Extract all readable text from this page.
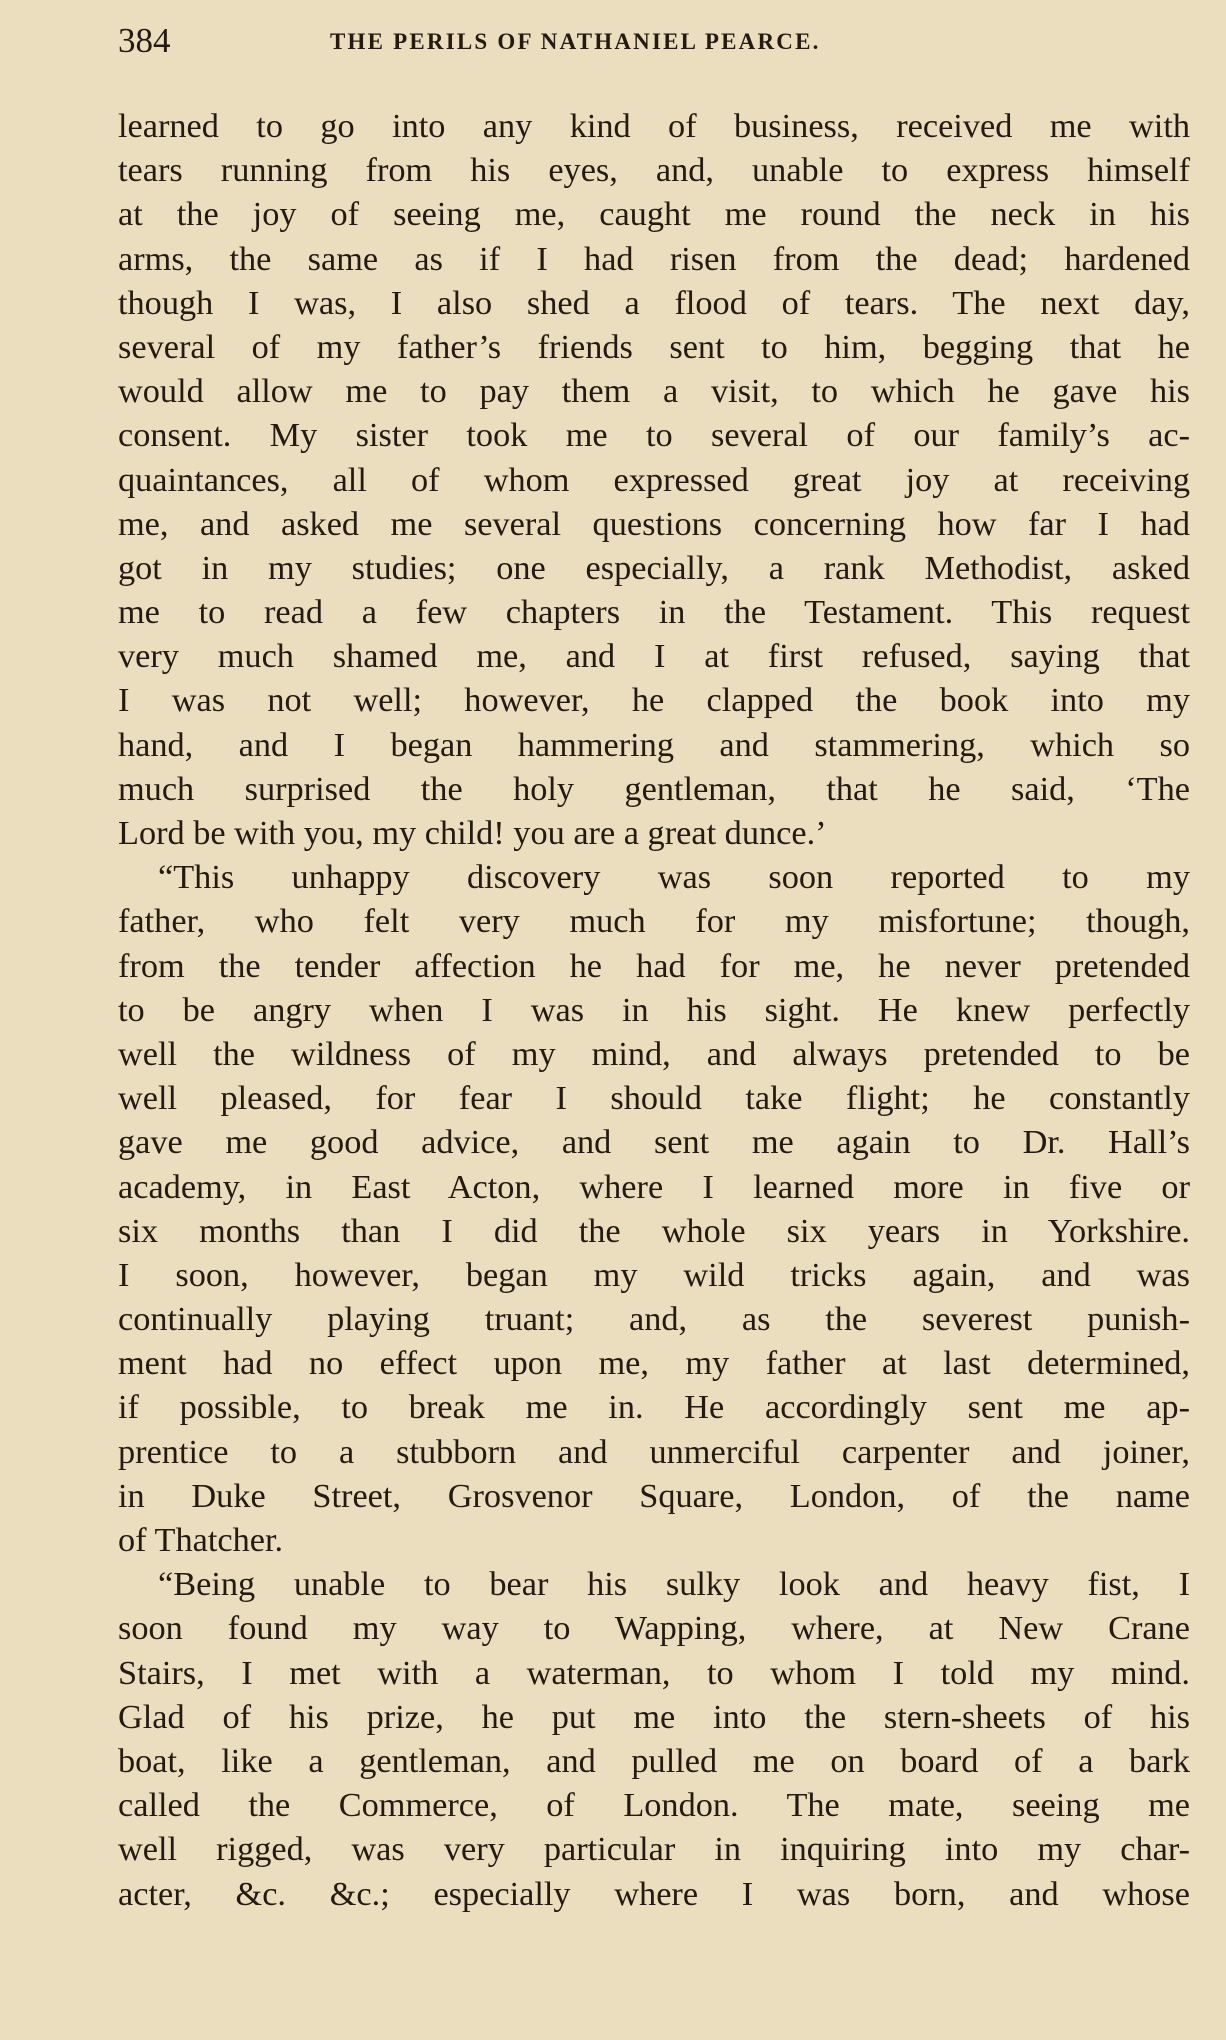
384	THE PERILS OF NATHANIEL PEARCE.
learned to go into any kind of business, received me with
tears running from his eyes, and, unable to express himself
at the joy of seeing me, caught me round the neck in his
arms, the same as if I had risen from the dead; hardened
though I was, I also shed a flood of tears. The next day,
several of my father’s friends sent to him, begging that he
would allow me to pay them a visit, to which he gave his
consent. My sister took me to several of our family’s ac-
quaintances, all of whom expressed great joy at receiving
me, and asked me several questions concerning how far I had
got in my studies; one especially, a rank Methodist, asked
me to read a few chapters in the Testament. This request
very much shamed me, and I at first refused, saying that
I was not well; however, he clapped the book into my
hand, and I began hammering and stammering, which so
much surprised the holy gentleman, that he said, ‘The
Lord be with you, my child! you are a great dunce.’
“This unhappy discovery was soon reported to my
father, who felt very much for my misfortune; though,
from the tender affection he had for me, he never pretended
to be angry when I was in his sight. He knew perfectly
well the wildness of my mind, and always pretended to be
well pleased, for fear I should take flight; he constantly
gave me good advice, and sent me again to Dr. Hall’s
academy, in East Acton, where I learned more in five or
six months than I did the whole six years in Yorkshire.
I soon, however, began my wild tricks again, and was
continually playing truant; and, as the severest punish-
ment had no effect upon me, my father at last determined,
if possible, to break me in. He accordingly sent me ap-
prentice to a stubborn and unmerciful carpenter and joiner,
in Duke Street, Grosvenor Square, London, of the name
of Thatcher.
“Being unable to bear his sulky look and heavy fist, I
soon found my way to Wapping, where, at New Crane
Stairs, I met with a waterman, to whom I told my mind.
Glad of his prize, he put me into the stern-sheets of his
boat, like a gentleman, and pulled me on board of a bark
called the Commerce, of London. The mate, seeing me
well rigged, was very particular in inquiring into my char-
acter, &c. &c.; especially where I was born, and whose
